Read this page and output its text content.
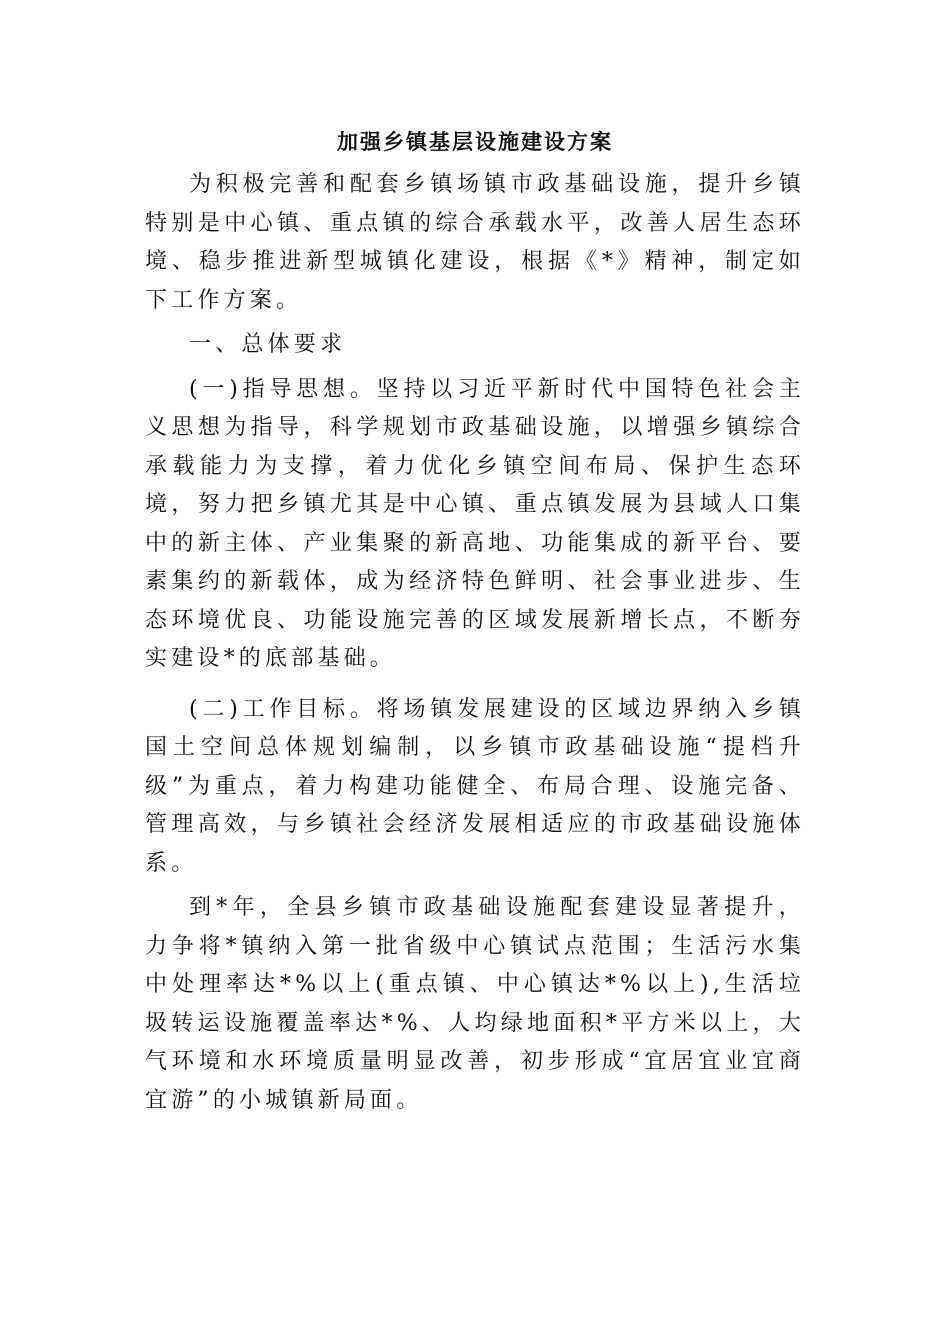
加强乡镇基层设施建设方案

为积极完善和配套乡镇场镇市政基础设施，提升乡镇特别是中心镇、重点镇的综合承载水平，改善人居生态环境、稳步推进新型城镇化建设，根据《*》精神，制定如下工作方案。

一、总体要求

(一)指导思想。坚持以习近平新时代中国特色社会主义思想为指导，科学规划市政基础设施，以增强乡镇综合承载能力为支撑，着力优化乡镇空间布局、保护生态环境，努力把乡镇尤其是中心镇、重点镇发展为县域人口集中的新主体、产业集聚的新高地、功能集成的新平台、要素集约的新载体，成为经济特色鲜明、社会事业进步、生态环境优良、功能设施完善的区域发展新增长点，不断夯实建设*的底部基础。

(二)工作目标。将场镇发展建设的区域边界纳入乡镇国土空间总体规划编制，以乡镇市政基础设施“提档升级”为重点，着力构建功能健全、布局合理、设施完备、管理高效，与乡镇社会经济发展相适应的市政基础设施体系。

到*年，全县乡镇市政基础设施配套建设显著提升，力争将*镇纳入第一批省级中心镇试点范围；生活污水集中处理率达*%以上(重点镇、中心镇达*%以上),生活垃圾转运设施覆盖率达*%、人均绿地面积*平方米以上，大气环境和水环境质量明显改善，初步形成“宜居宜业宜商宜游”的小城镇新局面。
